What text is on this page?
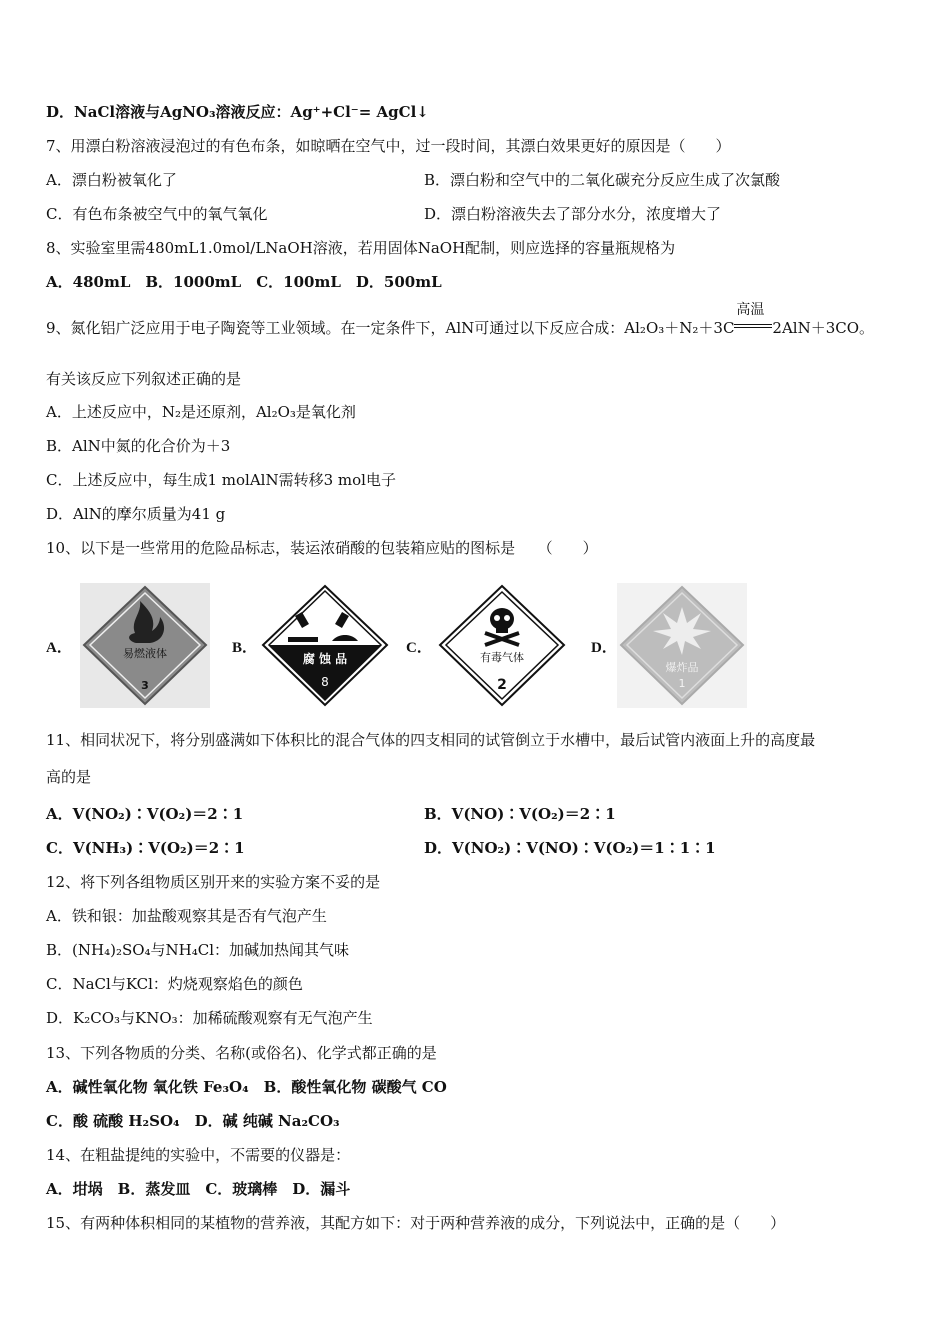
D．NaCl溶液与AgNO₃溶液反应：Ag⁺+Cl⁻= AgCl↓
7、用漂白粉溶液浸泡过的有色布条，如晾晒在空气中，过一段时间，其漂白效果更好的原因是（　　）
A．漂白粉被氧化了	B．漂白粉和空气中的二氧化碳充分反应生成了次氯酸
C．有色布条被空气中的氧气氧化	D．漂白粉溶液失去了部分水分，浓度增大了
8、实验室里需480mL1.0mol/LNaOH溶液，若用固体NaOH配制，则应选择的容量瓶规格为
A．480mL　B．1000mL　C．100mL　D．500mL
9、氮化铝广泛应用于电子陶瓷等工业领域。在一定条件下，AlN可通过以下反应合成：Al₂O₃＋N₂＋3C
高温
2AlN＋3CO。
有关该反应下列叙述正确的是
A．上述反应中，N₂是还原剂，Al₂O₃是氧化剂
B．AlN中氮的化合价为＋3
C．上述反应中，每生成1 molAlN需转移3 mol电子
D．AlN的摩尔质量为41 g
10、以下是一些常用的危险品标志，装运浓硝酸的包装箱应贴的图标是　　（　　）
A．	易燃液体
3
B．
腐 蚀 品
8
C．
有毒气体
2
D．
爆炸品
1
11、相同状况下，将分别盛满如下体积比的混合气体的四支相同的试管倒立于水槽中，最后试管内液面上升的高度最
高的是
A．V(NO₂)∶V(O₂)＝2∶1	B．V(NO)∶V(O₂)＝2∶1
C．V(NH₃)∶V(O₂)＝2∶1	D．V(NO₂)∶V(NO)∶V(O₂)＝1∶1∶1
12、将下列各组物质区别开来的实验方案不妥的是
A．铁和银：加盐酸观察其是否有气泡产生
B．(NH₄)₂SO₄与NH₄Cl：加碱加热闻其气味
C．NaCl与KCl：灼烧观察焰色的颜色
D．K₂CO₃与KNO₃：加稀硫酸观察有无气泡产生
13、下列各物质的分类、名称(或俗名)、化学式都正确的是
A．碱性氧化物 氧化铁 Fe₃O₄　B．酸性氧化物 碳酸气 CO
C．酸 硫酸 H₂SO₄　D．碱 纯碱 Na₂CO₃
14、在粗盐提纯的实验中，不需要的仪器是：
A．坩埚　B．蒸发皿　C．玻璃棒　D．漏斗
15、有两种体积相同的某植物的营养液，其配方如下：对于两种营养液的成分，下列说法中，正确的是（　　）
